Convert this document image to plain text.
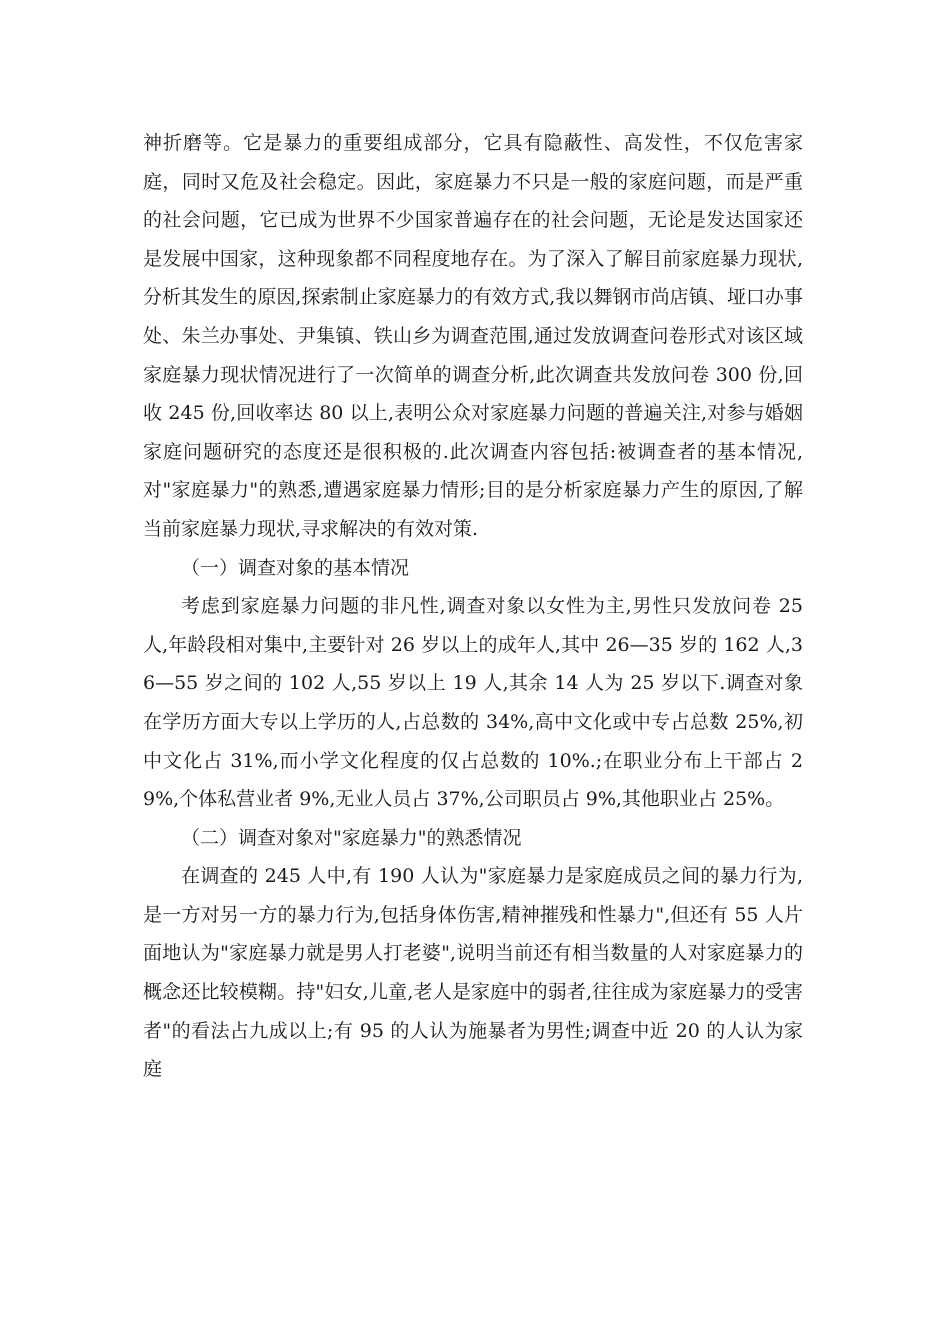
神折磨等。它是暴力的重要组成部分，它具有隐蔽性、高发性，不仅危害家庭，同时又危及社会稳定。因此，家庭暴力不只是一般的家庭问题，而是严重的社会问题，它已成为世界不少国家普遍存在的社会问题，无论是发达国家还是发展中国家，这种现象都不同程度地存在。为了深入了解目前家庭暴力现状,分析其发生的原因,探索制止家庭暴力的有效方式,我以舞钢市尚店镇、垭口办事处、朱兰办事处、尹集镇、铁山乡为调查范围,通过发放调查问卷形式对该区域家庭暴力现状情况进行了一次简单的调查分析,此次调查共发放问卷 300 份,回收 245 份,回收率达 80 以上,表明公众对家庭暴力问题的普遍关注,对参与婚姻家庭问题研究的态度还是很积极的.此次调查内容包括:被调查者的基本情况,对"家庭暴力"的熟悉,遭遇家庭暴力情形;目的是分析家庭暴力产生的原因,了解当前家庭暴力现状,寻求解决的有效对策.

（一）调查对象的基本情况

考虑到家庭暴力问题的非凡性,调查对象以女性为主,男性只发放问卷 25 人,年龄段相对集中,主要针对 26 岁以上的成年人,其中 26—35 岁的 162 人,36—55 岁之间的 102 人,55 岁以上 19 人,其余 14 人为 25 岁以下.调查对象在学历方面大专以上学历的人,占总数的 34%,高中文化或中专占总数 25%,初中文化占 31%,而小学文化程度的仅占总数的 10%.;在职业分布上干部占 29%,个体私营业者 9%,无业人员占 37%,公司职员占 9%,其他职业占 25%。

（二）调查对象对"家庭暴力"的熟悉情况

在调查的 245 人中,有 190 人认为"家庭暴力是家庭成员之间的暴力行为,是一方对另一方的暴力行为,包括身体伤害,精神摧残和性暴力",但还有 55 人片面地认为"家庭暴力就是男人打老婆",说明当前还有相当数量的人对家庭暴力的概念还比较模糊。持"妇女,儿童,老人是家庭中的弱者,往往成为家庭暴力的受害者"的看法占九成以上;有 95 的人认为施暴者为男性;调查中近 20 的人认为家庭
